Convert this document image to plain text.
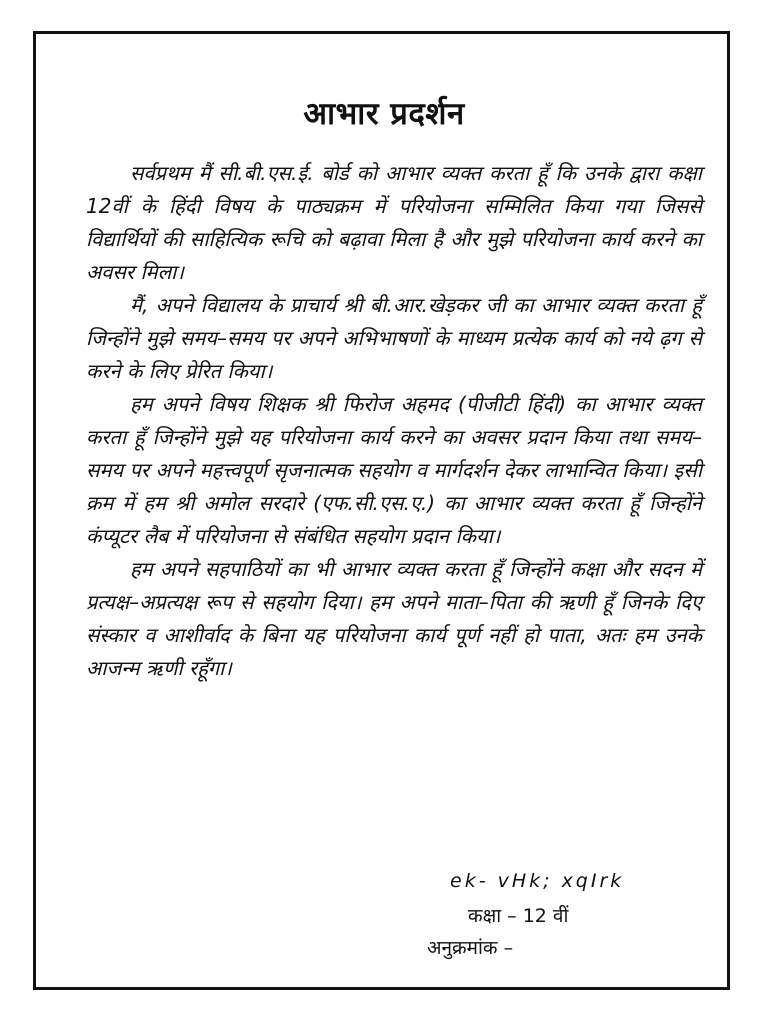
आभार प्रदर्शन

सर्वप्रथम मैं सी.बी.एस.ई. बोर्ड को आभार व्यक्त करता हूँ कि उनके द्वारा कक्षा 12वीं के हिंदी विषय के पाठ्यक्रम में परियोजना सम्मिलित किया गया जिससे विद्यार्थियों की साहित्यिक रूचि को बढ़ावा मिला है और मुझे परियोजना कार्य करने का अवसर मिला।

मैं, अपने विद्यालय के प्राचार्य श्री बी.आर.खेड़कर जी का आभार व्यक्त करता हूँ जिन्होंने मुझे समय–समय पर अपने अभिभाषणों के माध्यम प्रत्येक कार्य को नये ढ़ग से करने के लिए प्रेरित किया।

हम अपने विषय शिक्षक श्री फिरोज अहमद (पीजीटी हिंदी) का आभार व्यक्त करता हूँ जिन्होंने मुझे यह परियोजना कार्य करने का अवसर प्रदान किया तथा समय–समय पर अपने महत्त्वपूर्ण सृजनात्मक सहयोग व मार्गदर्शन देकर लाभान्वित किया। इसी क्रम में हम श्री अमोल सरदारे (एफ.सी.एस.ए.) का आभार व्यक्त करता हूँ जिन्होंने कंप्यूटर लैब में परियोजना से संबंधित सहयोग प्रदान किया।

हम अपने सहपाठियों का भी आभार व्यक्त करता हूँ जिन्होंने कक्षा और सदन में प्रत्यक्ष–अप्रत्यक्ष रूप से सहयोग दिया। हम अपने माता–पिता की ऋणी हूँ जिनके दिए संस्कार व आशीर्वाद के बिना यह परियोजना कार्य पूर्ण नहीं हो पाता, अतः हम उनके आजन्म ऋणी रहूँगा।

ek- vHk; xqIrk
कक्षा – 12 वीं
अनुक्रमांक –
